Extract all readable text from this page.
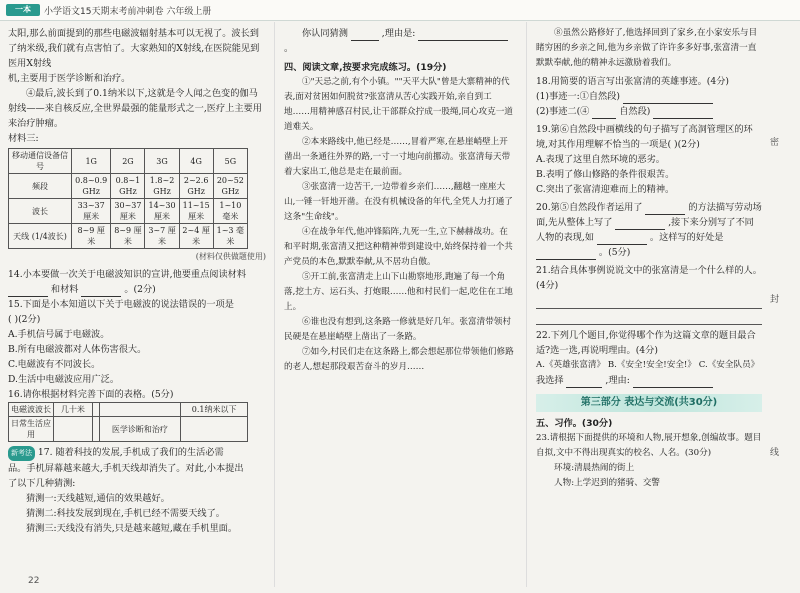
一本	小学语文15天期末考前冲刺卷 六年级上册

太阳,那么前面提到的那些电磁波辐射基本可以无视了。波长到

了纳米级,我们就有点害怕了。大家熟知的X射线,在医院能见到医用X射线

机,主要用于医学诊断和治疗。

④最后,波长到了0.1纳米以下,这就是令人闻之色变的伽马

射线——来自核反应,全世界最强的能量形式之一,医疗上主要用

来治疗肿瘤。

材料三:

移动通信设备信号	1G	2G	3G	4G	5G
频段	0.8~0.9 GHz	0.8~1 GHz	1.8~2 GHz	2~2.6 GHz	20~52 GHz
波长	33~37 厘米	30~37 厘米	14~30 厘米	11~15 厘米	1~10 毫米
天线 (1/4波长)	8~9 厘米	8~9 厘米	3~7 厘米	2~4 厘米	1~3 毫米

(材料仅供做题使用)

14.小本要做一次关于电磁波知识的宣讲,他要重点阅读材料  和材料	。(2分)

15.下面是小本知道以下关于电磁波的说法错误的一项是

( )(2分)

A.手机信号属于电磁波。

B.所有电磁波都对人体伤害很大。

C.电磁波有不同波长。

D.生活中电磁波应用广泛。

16.请你根据材料完善下面的表格。(5分)

电磁波波长	几十米			0.1纳米以下
日常生活应用			医学诊断和治疗	

新考法 17. 随着科技的发展,手机成了我们的生活必需

品。手机屏幕越来越大,手机天线却消失了。对此,小本提出

了以下几种猜测:

猜测一:天线越短,通信的效果越好。

猜测二:科技发展到现在,手机已经不需要天线了。

猜测三:天线没有消失,只是越来越短,藏在手机里面。

你认同猜测	,理由是:  。

四、阅读文章,按要求完成练习。(19分)

①"天忌之前,有个小镇。""天平大队"曾是大寨精神的代表,面对贫困如何脱贫?张富清从苦心实践开始,亲自到工地……用精神感召村民,让干部群众拧成一股绳,同心攻克一道道难关。

②本来路线中,他已经是……,冒着严寒,在悬崖峭壁上开凿出一条通往外界的路,一寸一寸地向前挪动。张富清每天带着大家出工,他总是走在最前面。

③张富清一边苦干,一边带着乡亲们……,翻越一座座大山,一锤一钎地开凿。在没有机械设备的年代,全凭人力打通了这条"生命线"。

④在战争年代,他冲锋陷阵,九死一生,立下赫赫战功。在和平时期,张富清又把这种精神带到建设中,始终保持着一个共产党员的本色,默默奉献,从不居功自傲。

⑤开工前,张富清走上山下山勘察地形,跑遍了每一个角落,挖土方、运石头、打炮眼……他和村民们一起,吃住在工地上。

⑥谁也没有想到,这条路一修就是好几年。张富清带领村民硬是在悬崖峭壁上凿出了一条路。

⑦如今,村民们走在这条路上,都会想起那位带领他们修路的老人,想起那段艰苦奋斗的岁月……

⑧虽然公路修好了,他选择回到了家乡,在小家安乐与目睹穷困的乡亲之间,他为乡亲做了许许多多好事,张富清一直默默奉献,他的精神永远激励着我们。

18.用简要的语言写出张富清的英雄事迹。(4分)

(1)事迹一:①自然段)

(2)事迹二(④	自然段)

19.第⑥自然段中画横线的句子描写了高洞管理区的环境,对其作用理解不恰当的一项是( )(2分)

A.表现了这里自然环境的恶劣。

B.表明了修山修路的条件很艰苦。

C.突出了张富清迎难而上的精神。

20.第⑤自然段作者运用了	的方法描写劳动场面,先从整体上写了	,接下来分别写了不同人物的表现,如	。这样写的好处是  。(5分)

21.结合具体事例说说文中的张富清是一个什么样的人。(4分)

22.下列几个题目,你觉得哪个作为这篇文章的题目最合适?选一选,再说明理由。(4分)

A.《英雄张富清》 B.《安全!安全!安全!》 C.《安全队员》

我选择	,理由:

第三部分 表达与交流(共30分)

五、习作。(30分)

23.请根据下面提供的环境和人物,展开想象,创编故事。题目自拟,文中不得出现真实的校名、人名。(30分)

环境:清晨热闹的街上

人物:上学迟到的猪骑、交警

密
封
线
22
